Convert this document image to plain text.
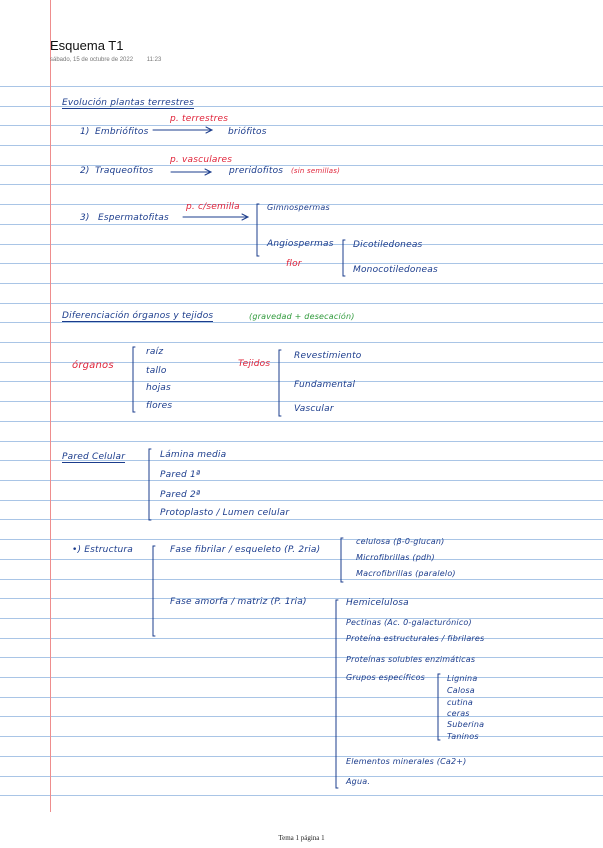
Esquema T1
sábado, 15 de octubre de 2022 11:23
Evolución plantas terrestres
1) Embriófitos
p. terrestres
briófitos
2) Traqueofitos
p. vasculares
preridofitos (sin semillas)
3) Espermatofitas
p. c/semilla	Gimnospermas
Angiospermas
flor
Dicotiledoneas
Monocotiledoneas
Diferenciación órganos y tejidos	(gravedad + desecación)
órganos
raíz
tallo
hojas
flores
Tejidos
Revestimiento
Fundamental
Vascular
Pared Celular	Lámina media
Pared 1ª
Pared 2ª
Protoplasto / Lumen celular
•) Estructura	Fase fibrilar / esqueleto (P. 2ria)
celulosa (β-0-glucan)
Microfibrillas (pdh)
Macrofibrillas (paralelo)
Fase amorfa / matriz (P. 1ria)	Hemicelulosa
Pectinas (Ac. 0-galacturónico)
Proteína estructurales / fibrilares
Proteínas solubles enzimáticas
Grupos específicos	Lignina
Calosa
cutina
ceras
Suberina
Taninos
Elementos minerales (Ca2+)
Agua.
Tema 1 página 1
